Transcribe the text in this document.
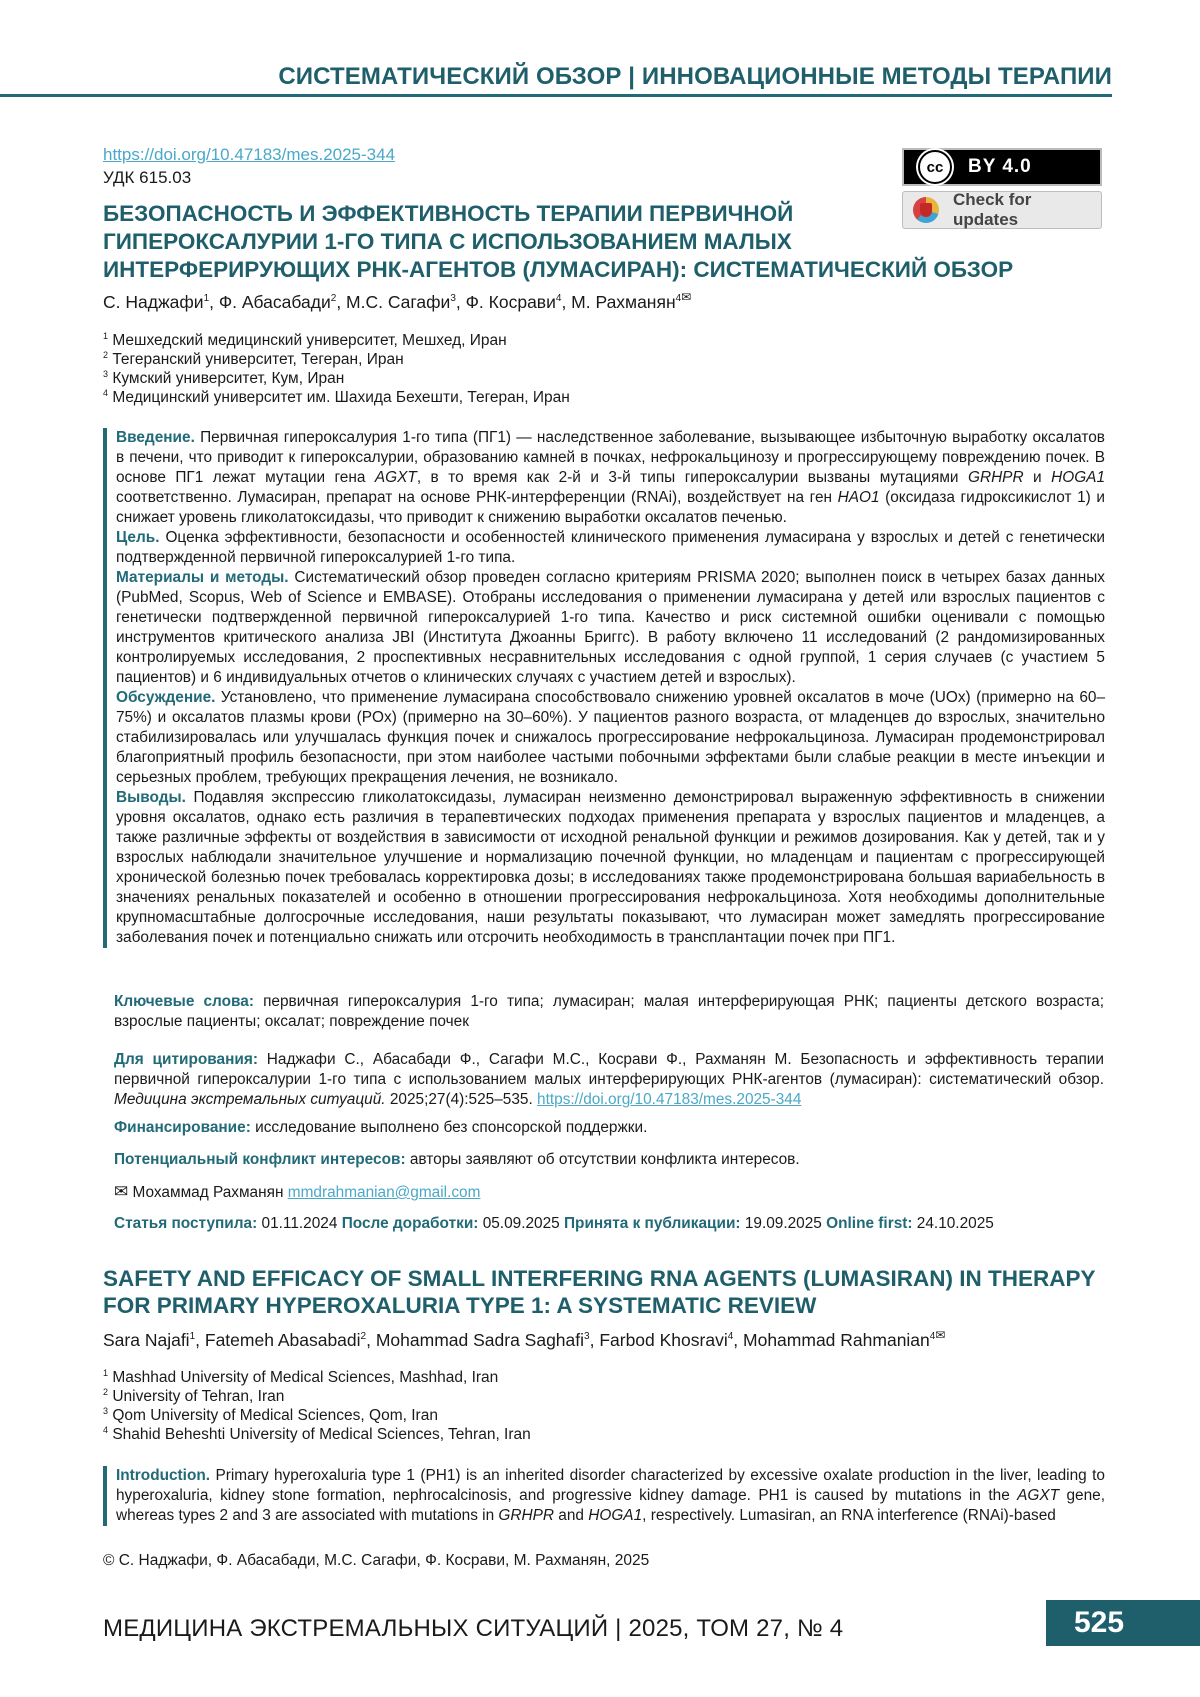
СИСТЕМАТИЧЕСКИЙ ОБЗОР | ИННОВАЦИОННЫЕ МЕТОДЫ ТЕРАПИИ
https://doi.org/10.47183/mes.2025-344
УДК 615.03
cc	BY 4.0
Check for updates
БЕЗОПАСНОСТЬ И ЭФФЕКТИВНОСТЬ ТЕРАПИИ ПЕРВИЧНОЙ
ГИПЕРОКСАЛУРИИ 1-ГО ТИПА С ИСПОЛЬЗОВАНИЕМ МАЛЫХ
ИНТЕРФЕРИРУЮЩИХ РНК-АГЕНТОВ (ЛУМАСИРАН): СИСТЕМАТИЧЕСКИЙ ОБЗОР
С. Наджафи$^1$, Ф. Абасабади$^2$, М.С. Сагафи$^3$, Ф. Косрави$^4$, М. Рахманян$^4$✉
$^1$ Мешхедский медицинский университет, Мешхед, Иран
$^2$ Тегеранский университет, Тегеран, Иран
$^3$ Кумский университет, Кум, Иран
$^4$ Медицинский университет им. Шахида Бехешти, Тегеран, Иран

Введение. Первичная гипероксалурия 1-го типа (ПГ1) — наследственное заболевание, вызывающее избыточную выработку оксалатов в печени, что приводит к гипероксалурии, образованию камней в почках, нефрокальцинозу и прогрессирующему повреждению почек. В основе ПГ1 лежат мутации гена AGXT, в то время как 2-й и 3-й типы гипероксалурии вызваны мутациями GRHPR и HOGA1 соответственно. Лумасиран, препарат на основе РНК-интерференции (RNAi), воздействует на ген HAO1 (оксидаза гидроксикислот 1) и снижает уровень гликолатоксидазы, что приводит к снижению выработки оксалатов печенью.

Цель. Оценка эффективности, безопасности и особенностей клинического применения лумасирана у взрослых и детей с генетически подтвержденной первичной гипероксалурией 1-го типа.

Материалы и методы. Систематический обзор проведен согласно критериям PRISMA 2020; выполнен поиск в четырех базах данных (PubMed, Scopus, Web of Science и EMBASE). Отобраны исследования о применении лумасирана у детей или взрослых пациентов с генетически подтвержденной первичной гипероксалурией 1-го типа. Качество и риск системной ошибки оценивали с помощью инструментов критического анализа JBI (Института Джоанны Бриггс). В работу включено 11 исследований (2 рандомизированных контролируемых исследования, 2 проспективных несравнительных исследования с одной группой, 1 серия случаев (с участием 5 пациентов) и 6 индивидуальных отчетов о клинических случаях с участием детей и взрослых).

Обсуждение. Установлено, что применение лумасирана способствовало снижению уровней оксалатов в моче (UOx) (примерно на 60–75%) и оксалатов плазмы крови (POx) (примерно на 30–60%). У пациентов разного возраста, от младенцев до взрослых, значительно стабилизировалась или улучшалась функция почек и снижалось прогрессирование нефрокальциноза. Лумасиран продемонстрировал благоприятный профиль безопасности, при этом наиболее частыми побочными эффектами были слабые реакции в месте инъекции и серьезных проблем, требующих прекращения лечения, не возникало.

Выводы. Подавляя экспрессию гликолатоксидазы, лумасиран неизменно демонстрировал выраженную эффективность в снижении уровня оксалатов, однако есть различия в терапевтических подходах применения препарата у взрослых пациентов и младенцев, а также различные эффекты от воздействия в зависимости от исходной ренальной функции и режимов дозирования. Как у детей, так и у взрослых наблюдали значительное улучшение и нормализацию почечной функции, но младенцам и пациентам с прогрессирующей хронической болезнью почек требовалась корректировка дозы; в исследованиях также продемонстрирована большая вариабельность в значениях ренальных показателей и особенно в отношении прогрессирования нефрокальциноза. Хотя необходимы дополнительные крупномасштабные долгосрочные исследования, наши результаты показывают, что лумасиран может замедлять прогрессирование заболевания почек и потенциально снижать или отсрочить необходимость в трансплантации почек при ПГ1.

Ключевые слова: первичная гипероксалурия 1-го типа; лумасиран; малая интерферирующая РНК; пациенты детского возраста; взрослые пациенты; оксалат; повреждение почек

Для цитирования: Наджафи С., Абасабади Ф., Сагафи М.С., Косрави Ф., Рахманян М. Безопасность и эффективность терапии первичной гипероксалурии 1-го типа с использованием малых интерферирующих РНК-агентов (лумасиран): систематический обзор. Медицина экстремальных ситуаций. 2025;27(4):525–535. https://doi.org/10.47183/mes.2025-344

Финансирование: исследование выполнено без спонсорской поддержки.

Потенциальный конфликт интересов: авторы заявляют об отсутствии конфликта интересов.

✉ Мохаммад Рахманян mmdrahmanian@gmail.com

Статья поступила: 01.11.2024 После доработки: 05.09.2025 Принята к публикации: 19.09.2025 Online first: 24.10.2025

SAFETY AND EFFICACY OF SMALL INTERFERING RNA AGENTS (LUMASIRAN) IN THERAPY
FOR PRIMARY HYPEROXALURIA TYPE 1: A SYSTEMATIC REVIEW
Sara Najafi$^1$, Fatemeh Abasabadi$^2$, Mohammad Sadra Saghafi$^3$, Farbod Khosravi$^4$, Mohammad Rahmanian$^4$✉
$^1$ Mashhad University of Medical Sciences, Mashhad, Iran
$^2$ University of Tehran, Iran
$^3$ Qom University of Medical Sciences, Qom, Iran
$^4$ Shahid Beheshti University of Medical Sciences, Tehran, Iran

Introduction. Primary hyperoxaluria type 1 (PH1) is an inherited disorder characterized by excessive oxalate production in the liver, leading to hyperoxaluria, kidney stone formation, nephrocalcinosis, and progressive kidney damage. PH1 is caused by mutations in the AGXT gene, whereas types 2 and 3 are associated with mutations in GRHPR and HOGA1, respectively. Lumasiran, an RNA interference (RNAi)-based

© С. Наджафи, Ф. Абасабади, М.С. Сагафи, Ф. Косрави, М. Рахманян, 2025
МЕДИЦИНА ЭКСТРЕМАЛЬНЫХ СИТУАЦИЙ | 2025, ТОМ 27, № 4	525
